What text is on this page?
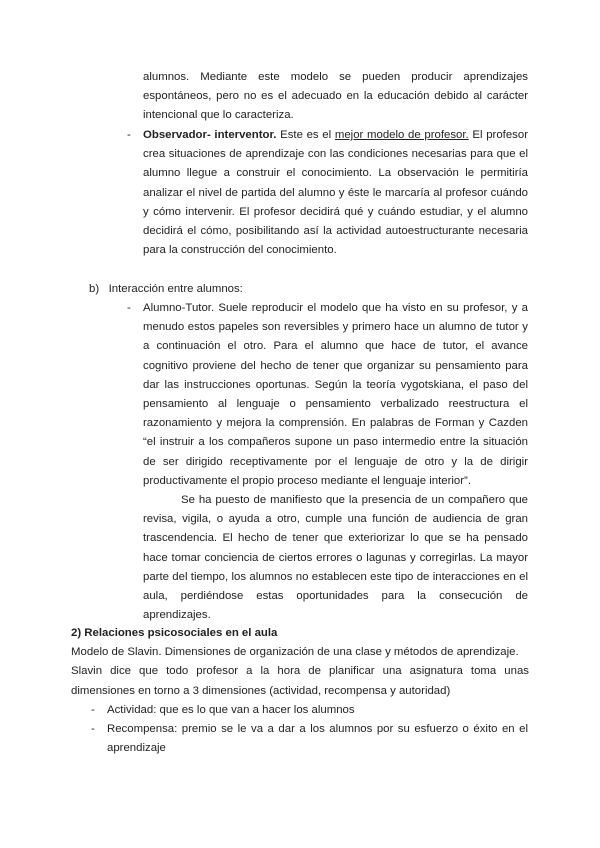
alumnos. Mediante este modelo se pueden producir aprendizajes espontáneos, pero no es el adecuado en la educación debido al carácter intencional que lo caracteriza.

- Observador- interventor. Este es el mejor modelo de profesor. El profesor crea situaciones de aprendizaje con las condiciones necesarias para que el alumno llegue a construir el conocimiento. La observación le permitiría analizar el nivel de partida del alumno y éste le marcaría al profesor cuándo y cómo intervenir. El profesor decidirá qué y cuándo estudiar, y el alumno decidirá el cómo, posibilitando así la actividad autoestructurante necesaria para la construcción del conocimiento.

b)   Interacción entre alumnos:

- Alumno-Tutor. Suele reproducir el modelo que ha visto en su profesor, y a menudo estos papeles son reversibles y primero hace un alumno de tutor y a continuación el otro. Para el alumno que hace de tutor, el avance cognitivo proviene del hecho de tener que organizar su pensamiento para dar las instrucciones oportunas. Según la teoría vygotskiana, el paso del pensamiento al lenguaje o pensamiento verbalizado reestructura el razonamiento y mejora la comprensión. En palabras de Forman y Cazden “el instruir a los compañeros supone un paso intermedio entre la situación de ser dirigido receptivamente por el lenguaje de otro y la de dirigir productivamente el propio proceso mediante el lenguaje interior”.

Se ha puesto de manifiesto que la presencia de un compañero que revisa, vigila, o ayuda a otro, cumple una función de audiencia de gran trascendencia. El hecho de tener que exteriorizar lo que se ha pensado hace tomar conciencia de ciertos errores o lagunas y corregirlas. La mayor parte del tiempo, los alumnos no establecen este tipo de interacciones en el aula, perdiéndose estas oportunidades para la consecución de aprendizajes.

2) Relaciones psicosociales en el aula

Modelo de Slavin. Dimensiones de organización de una clase y métodos de aprendizaje.

Slavin dice que todo profesor a la hora de planificar una asignatura toma unas dimensiones en torno a 3 dimensiones (actividad, recompensa y autoridad)

- Actividad: que es lo que van a hacer los alumnos

- Recompensa: premio se le va a dar a los alumnos por su esfuerzo o éxito en el aprendizaje
